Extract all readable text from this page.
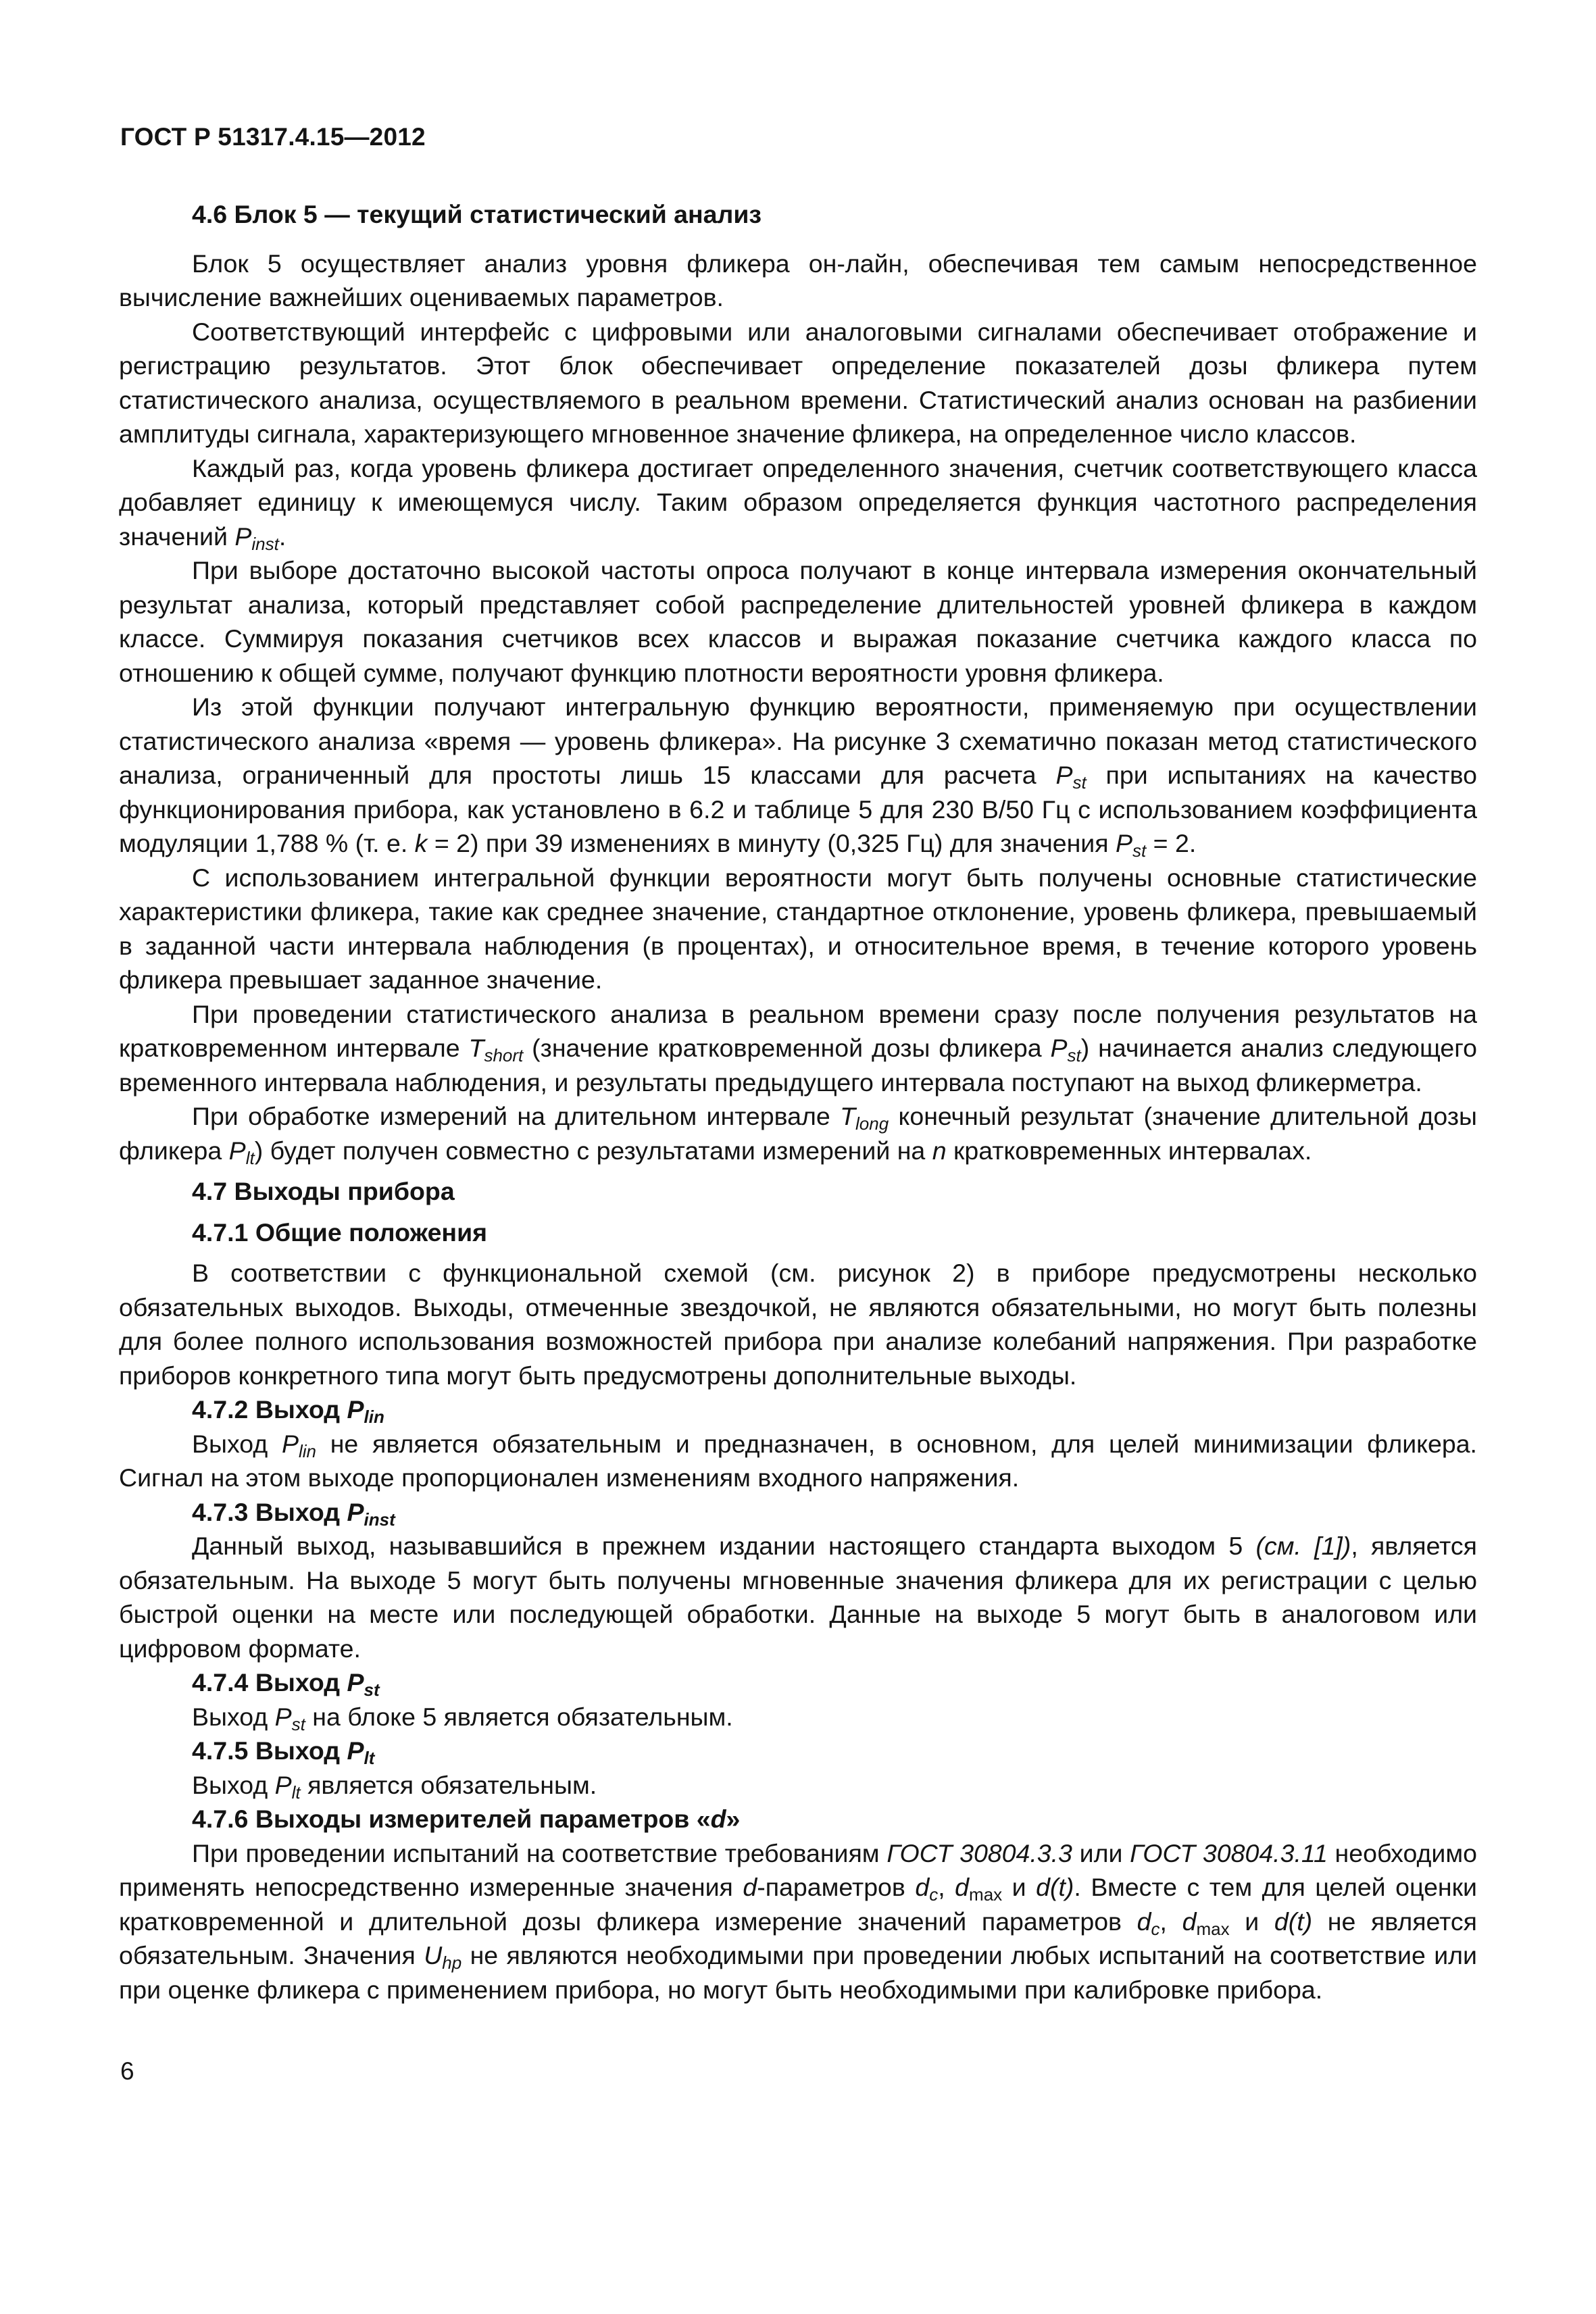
ГОСТ Р 51317.4.15—2012

4.6 Блок 5 — текущий статистический анализ

Блок 5 осуществляет анализ уровня фликера он-лайн, обеспечивая тем самым непосредственное вычисление важнейших оцениваемых параметров.

Соответствующий интерфейс с цифровыми или аналоговыми сигналами обеспечивает отображение и регистрацию результатов. Этот блок обеспечивает определение показателей дозы фликера путем статистического анализа, осуществляемого в реальном времени. Статистический анализ основан на разбиении амплитуды сигнала, характеризующего мгновенное значение фликера, на определенное число классов.

Каждый раз, когда уровень фликера достигает определенного значения, счетчик соответствующего класса добавляет единицу к имеющемуся числу. Таким образом определяется функция частотного распределения значений $P_{inst}$.

При выборе достаточно высокой частоты опроса получают в конце интервала измерения окончательный результат анализа, который представляет собой распределение длительностей уровней фликера в каждом классе. Суммируя показания счетчиков всех классов и выражая показание счетчика каждого класса по отношению к общей сумме, получают функцию плотности вероятности уровня фликера.

Из этой функции получают интегральную функцию вероятности, применяемую при осуществлении статистического анализа «время — уровень фликера». На рисунке 3 схематично показан метод статистического анализа, ограниченный для простоты лишь 15 классами для расчета $P_{st}$ при испытаниях на качество функционирования прибора, как установлено в 6.2 и таблице 5 для 230 В/50 Гц с использованием коэффициента модуляции 1,788 % (т. е. k = 2) при 39 изменениях в минуту (0,325 Гц) для значения $P_{st} = 2$.

С использованием интегральной функции вероятности могут быть получены основные статистические характеристики фликера, такие как среднее значение, стандартное отклонение, уровень фликера, превышаемый в заданной части интервала наблюдения (в процентах), и относительное время, в течение которого уровень фликера превышает заданное значение.

При проведении статистического анализа в реальном времени сразу после получения результатов на кратковременном интервале $T_{short}$ (значение кратковременной дозы фликера $P_{st}$) начинается анализ следующего временного интервала наблюдения, и результаты предыдущего интервала поступают на выход фликерметра.

При обработке измерений на длительном интервале $T_{long}$ конечный результат (значение длительной дозы фликера $P_{lt}$) будет получен совместно с результатами измерений на n кратковременных интервалах.

4.7 Выходы прибора

4.7.1 Общие положения

В соответствии с функциональной схемой (см. рисунок 2) в приборе предусмотрены несколько обязательных выходов. Выходы, отмеченные звездочкой, не являются обязательными, но могут быть полезны для более полного использования возможностей прибора при анализе колебаний напряжения. При разработке приборов конкретного типа могут быть предусмотрены дополнительные выходы.

4.7.2 Выход $P_{lin}$

Выход $P_{lin}$ не является обязательным и предназначен, в основном, для целей минимизации фликера. Сигнал на этом выходе пропорционален изменениям входного напряжения.

4.7.3 Выход $P_{inst}$

Данный выход, называвшийся в прежнем издании настоящего стандарта выходом 5 (см. [1]), является обязательным. На выходе 5 могут быть получены мгновенные значения фликера для их регистрации с целью быстрой оценки на месте или последующей обработки. Данные на выходе 5 могут быть в аналоговом или цифровом формате.

4.7.4 Выход $P_{st}$

Выход $P_{st}$ на блоке 5 является обязательным.

4.7.5 Выход $P_{lt}$

Выход $P_{lt}$ является обязательным.

4.7.6 Выходы измерителей параметров «d»

При проведении испытаний на соответствие требованиям ГОСТ 30804.3.3 или ГОСТ 30804.3.11 необходимо применять непосредственно измеренные значения d-параметров $d_c$, $d_{max}$ и d(t). Вместе с тем для целей оценки кратковременной и длительной дозы фликера измерение значений параметров $d_c$, $d_{max}$ и d(t) не является обязательным. Значения $U_{hp}$ не являются необходимыми при проведении любых испытаний на соответствие или при оценке фликера с применением прибора, но могут быть необходимыми при калибровке прибора.

6
